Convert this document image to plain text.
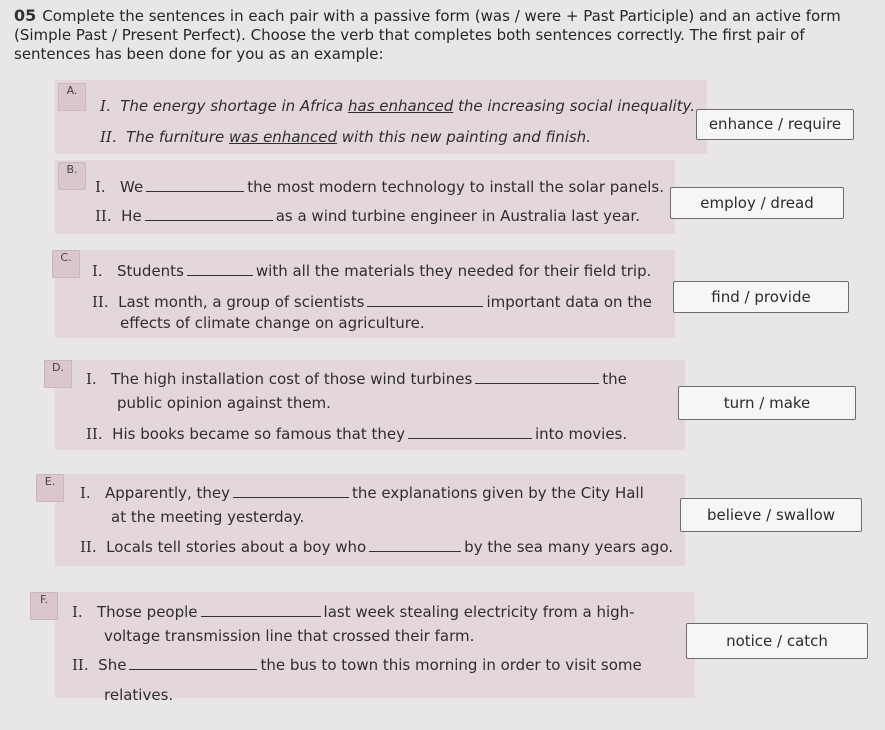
05 Complete the sentences in each pair with a passive form (was / were + Past Participle) and an active form (Simple Past / Present Perfect). Choose the verb that completes both sentences correctly. The first pair of sentences has been done for you as an example:
A.
I. The energy shortage in Africa has enhanced the increasing social inequality.
II. The furniture was enhanced with this new painting and finish.
enhance / require
B.
I. We	the most modern technology to install the solar panels.
II. He	as a wind turbine engineer in Australia last year.
employ / dread
C.
I. Students	with all the materials they needed for their field trip.
II. Last month, a group of scientists	important data on the
effects of climate change on agriculture.
find / provide
D.
I. The high installation cost of those wind turbines	the
public opinion against them.
II. His books became so famous that they	into movies.
turn / make
E.
I. Apparently, they	the explanations given by the City Hall
at the meeting yesterday.
II. Locals tell stories about a boy who	by the sea many years ago.
believe / swallow
F.
I. Those people	last week stealing electricity from a high-
voltage transmission line that crossed their farm.
II. She	the bus to town this morning in order to visit some
relatives.
notice / catch
